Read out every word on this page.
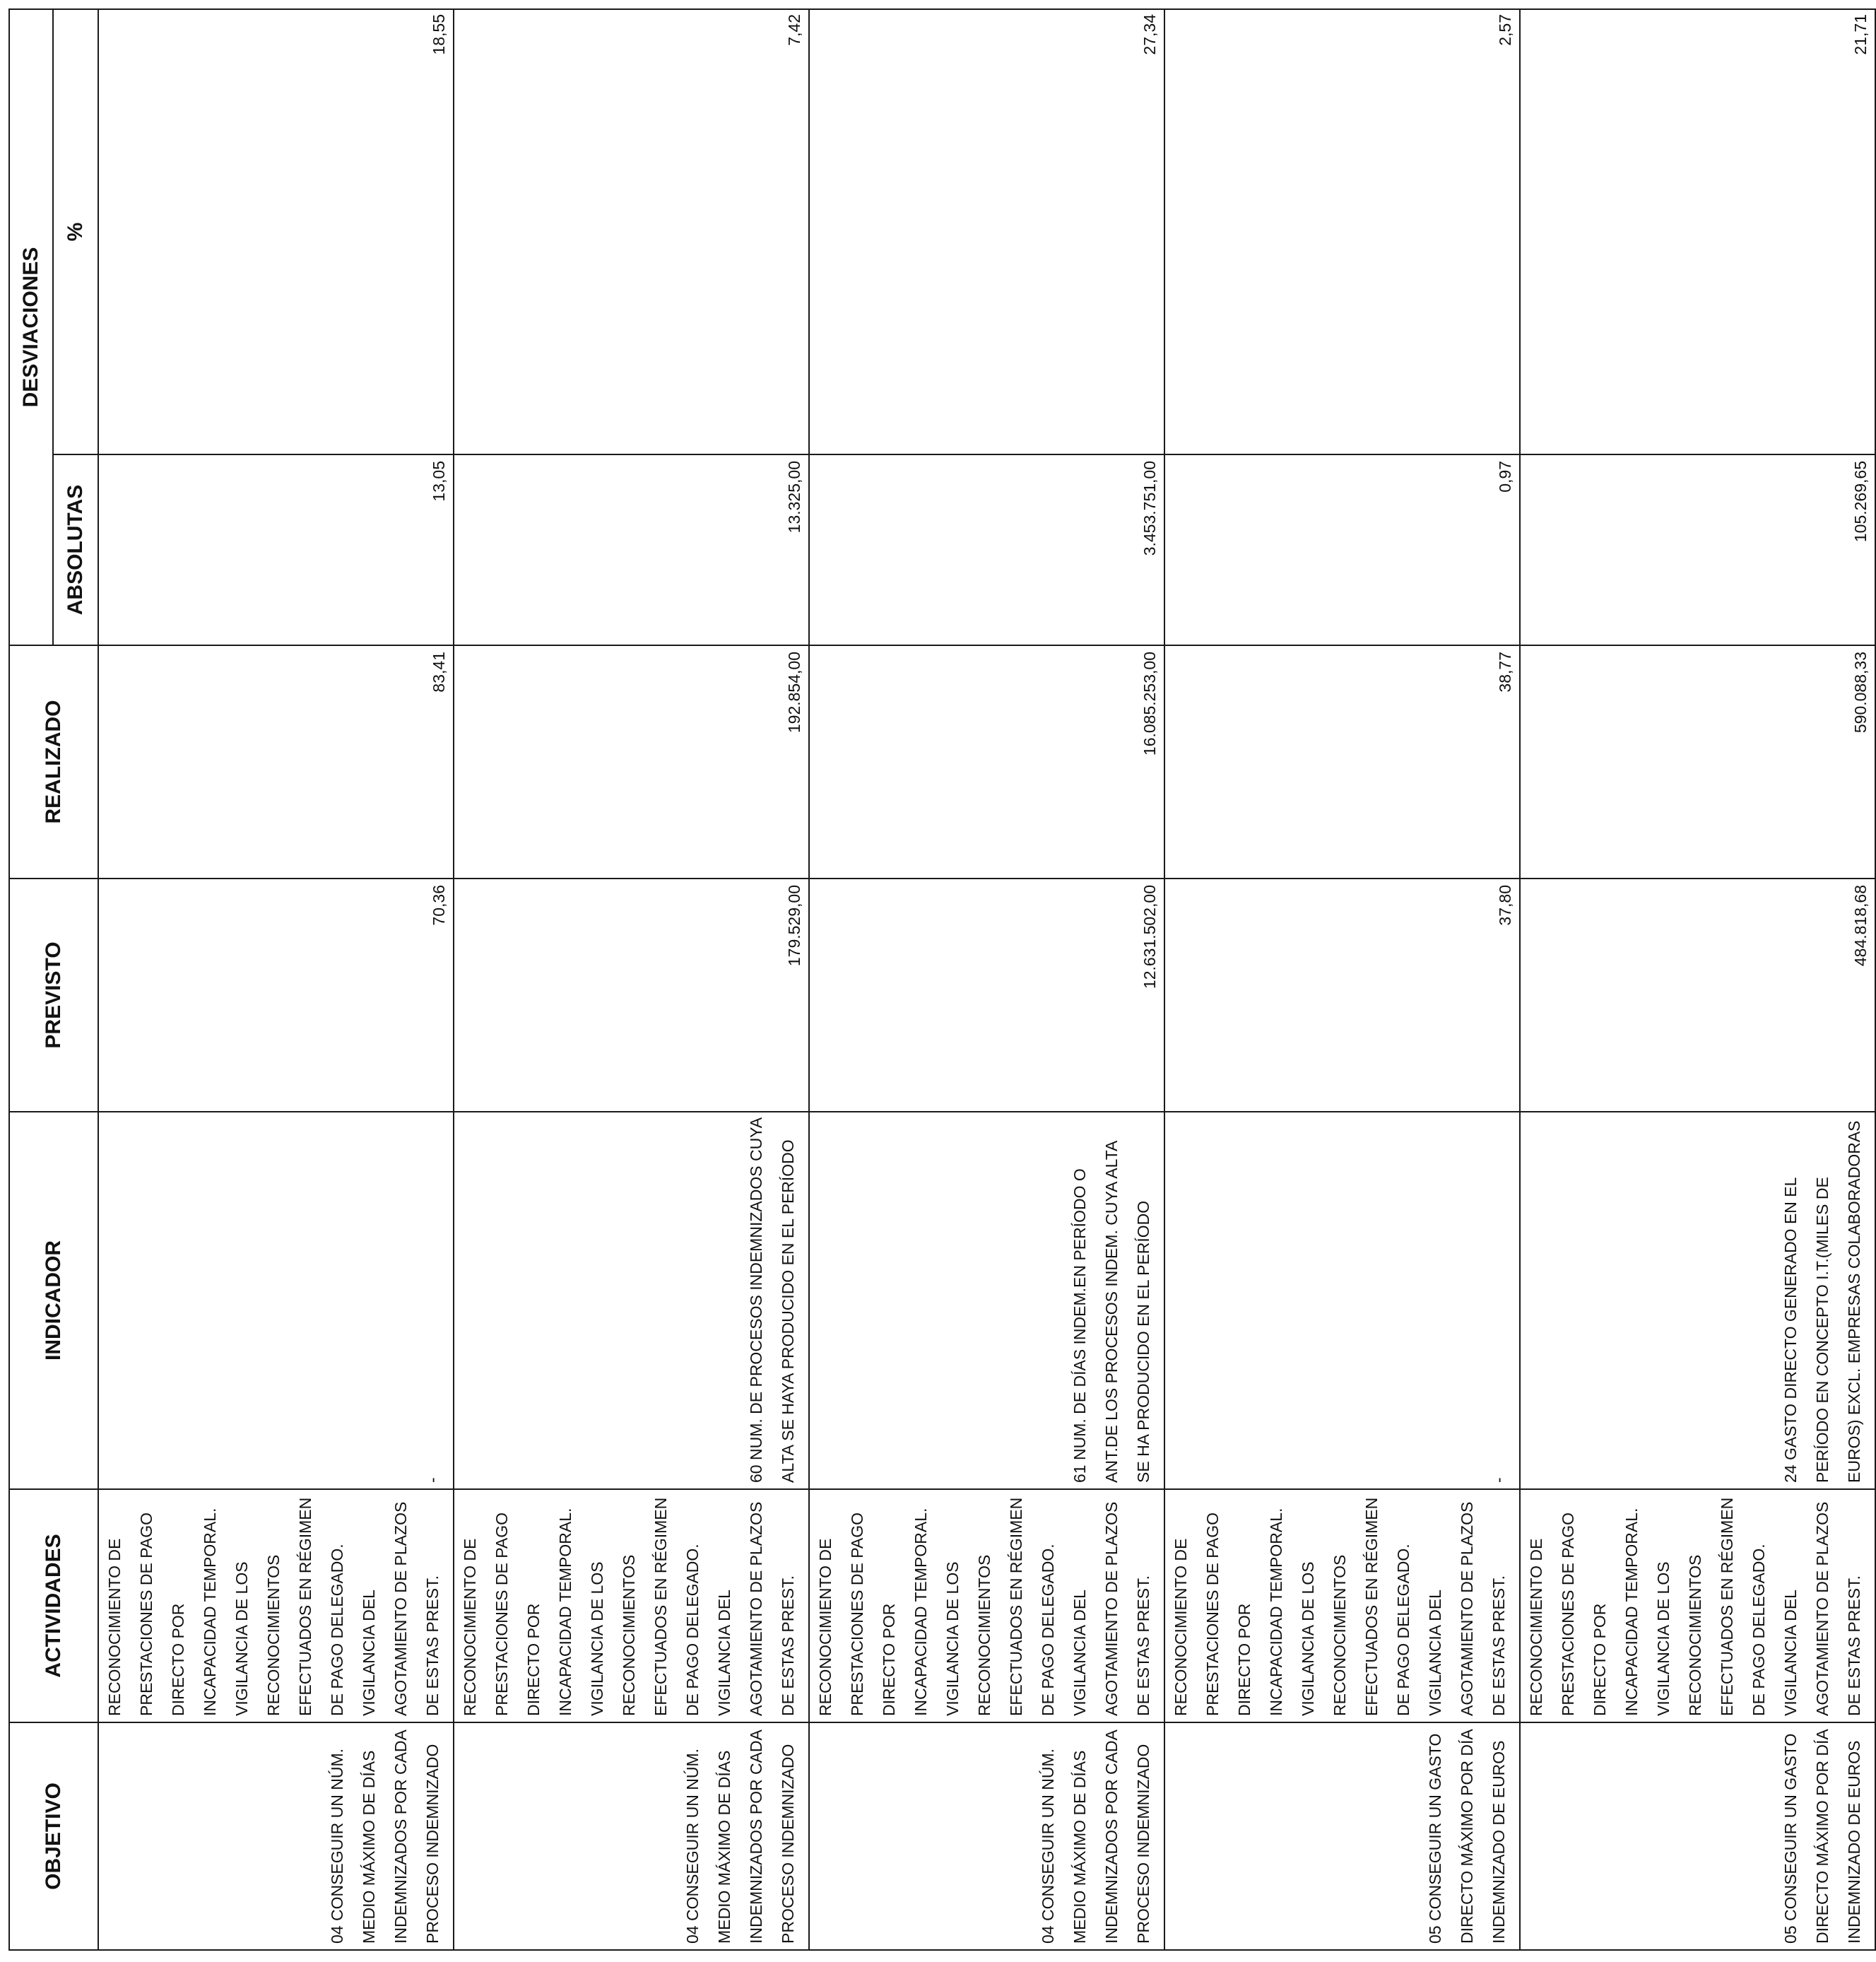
OBJETIVO	ACTIVIDADES	INDICADOR	PREVISTO	REALIZADO	DESVIACIONES	
					ABSOLUTAS	%

04 CONSEGUIR UN NÚM. MEDIO MÁXIMO DE DÍAS INDEMNIZADOS POR CADA PROCESO INDEMNIZADO	RECONOCIMIENTO DE PRESTACIONES DE PAGO DIRECTO POR INCAPACIDAD TEMPORAL. VIGILANCIA DE LOS RECONOCIMIENTOS EFECTUADOS EN RÉGIMEN DE PAGO DELEGADO. VIGILANCIA DEL AGOTAMIENTO DE PLAZOS DE ESTAS PREST.	-	70,36	83,41	13,05	18,55

04 CONSEGUIR UN NÚM. MEDIO MÁXIMO DE DÍAS INDEMNIZADOS POR CADA PROCESO INDEMNIZADO	RECONOCIMIENTO DE PRESTACIONES DE PAGO DIRECTO POR INCAPACIDAD TEMPORAL. VIGILANCIA DE LOS RECONOCIMIENTOS EFECTUADOS EN RÉGIMEN DE PAGO DELEGADO. VIGILANCIA DEL AGOTAMIENTO DE PLAZOS DE ESTAS PREST.	60 NUM. DE PROCESOS INDEMNIZADOS CUYA ALTA SE HAYA PRODUCIDO EN EL PERÍODO	179.529,00	192.854,00	13.325,00	7,42

04 CONSEGUIR UN NÚM. MEDIO MÁXIMO DE DÍAS INDEMNIZADOS POR CADA PROCESO INDEMNIZADO	RECONOCIMIENTO DE PRESTACIONES DE PAGO DIRECTO POR INCAPACIDAD TEMPORAL. VIGILANCIA DE LOS RECONOCIMIENTOS EFECTUADOS EN RÉGIMEN DE PAGO DELEGADO. VIGILANCIA DEL AGOTAMIENTO DE PLAZOS DE ESTAS PREST.	61 NUM. DE DÍAS INDEM.EN PERÍODO O ANT.DE LOS PROCESOS INDEM. CUYA ALTA SE HA PRODUCIDO EN EL PERÍODO	12.631.502,00	16.085.253,00	3.453.751,00	27,34

05 CONSEGUIR UN GASTO DIRECTO MÁXIMO POR DÍA INDEMNIZADO DE EUROS	RECONOCIMIENTO DE PRESTACIONES DE PAGO DIRECTO POR INCAPACIDAD TEMPORAL. VIGILANCIA DE LOS RECONOCIMIENTOS EFECTUADOS EN RÉGIMEN DE PAGO DELEGADO. VIGILANCIA DEL AGOTAMIENTO DE PLAZOS DE ESTAS PREST.	-	37,80	38,77	0,97	2,57

05 CONSEGUIR UN GASTO DIRECTO MÁXIMO POR DÍA INDEMNIZADO DE EUROS	RECONOCIMIENTO DE PRESTACIONES DE PAGO DIRECTO POR INCAPACIDAD TEMPORAL. VIGILANCIA DE LOS RECONOCIMIENTOS EFECTUADOS EN RÉGIMEN DE PAGO DELEGADO. VIGILANCIA DEL AGOTAMIENTO DE PLAZOS DE ESTAS PREST.	24 GASTO DIRECTO GENERADO EN EL PERÍODO EN CONCEPTO I.T.(MILES DE EUROS) EXCL. EMPRESAS COLABORADORAS	484.818,68	590.088,33	105.269,65	21,71
